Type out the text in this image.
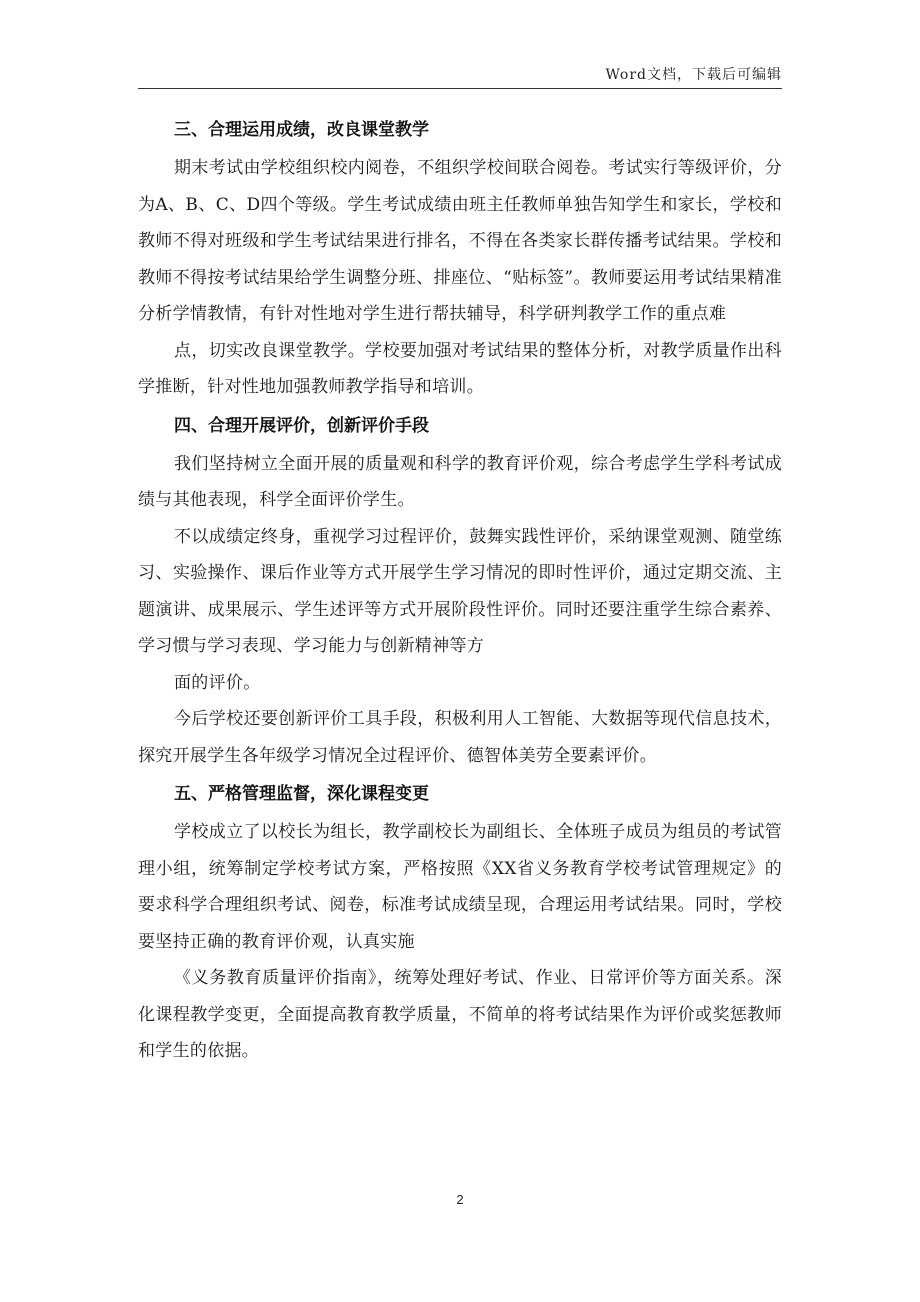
Word文档，下载后可编辑
三、合理运用成绩，改良课堂教学

期末考试由学校组织校内阅卷，不组织学校间联合阅卷。考试实行等级评价，分为A、B、C、D四个等级。学生考试成绩由班主任教师单独告知学生和家长，学校和教师不得对班级和学生考试结果进行排名，不得在各类家长群传播考试结果。学校和教师不得按考试结果给学生调整分班、排座位、“贴标签”。教师要运用考试结果精准分析学情教情，有针对性地对学生进行帮扶辅导，科学研判教学工作的重点难

点，切实改良课堂教学。学校要加强对考试结果的整体分析，对教学质量作出科学推断，针对性地加强教师教学指导和培训。

四、合理开展评价，创新评价手段

我们坚持树立全面开展的质量观和科学的教育评价观，综合考虑学生学科考试成绩与其他表现，科学全面评价学生。

不以成绩定终身，重视学习过程评价，鼓舞实践性评价，采纳课堂观测、随堂练习、实验操作、课后作业等方式开展学生学习情况的即时性评价，通过定期交流、主题演讲、成果展示、学生述评等方式开展阶段性评价。同时还要注重学生综合素养、学习惯与学习表现、学习能力与创新精神等方

面的评价。

今后学校还要创新评价工具手段，积极利用人工智能、大数据等现代信息技术，探究开展学生各年级学习情况全过程评价、德智体美劳全要素评价。

五、严格管理监督，深化课程变更

学校成立了以校长为组长，教学副校长为副组长、全体班子成员为组员的考试管理小组，统筹制定学校考试方案，严格按照《XX省义务教育学校考试管理规定》的要求科学合理组织考试、阅卷，标准考试成绩呈现，合理运用考试结果。同时，学校要坚持正确的教育评价观，认真实施

《义务教育质量评价指南》，统筹处理好考试、作业、日常评价等方面关系。深化课程教学变更，全面提高教育教学质量，不简单的将考试结果作为评价或奖惩教师和学生的依据。

2
